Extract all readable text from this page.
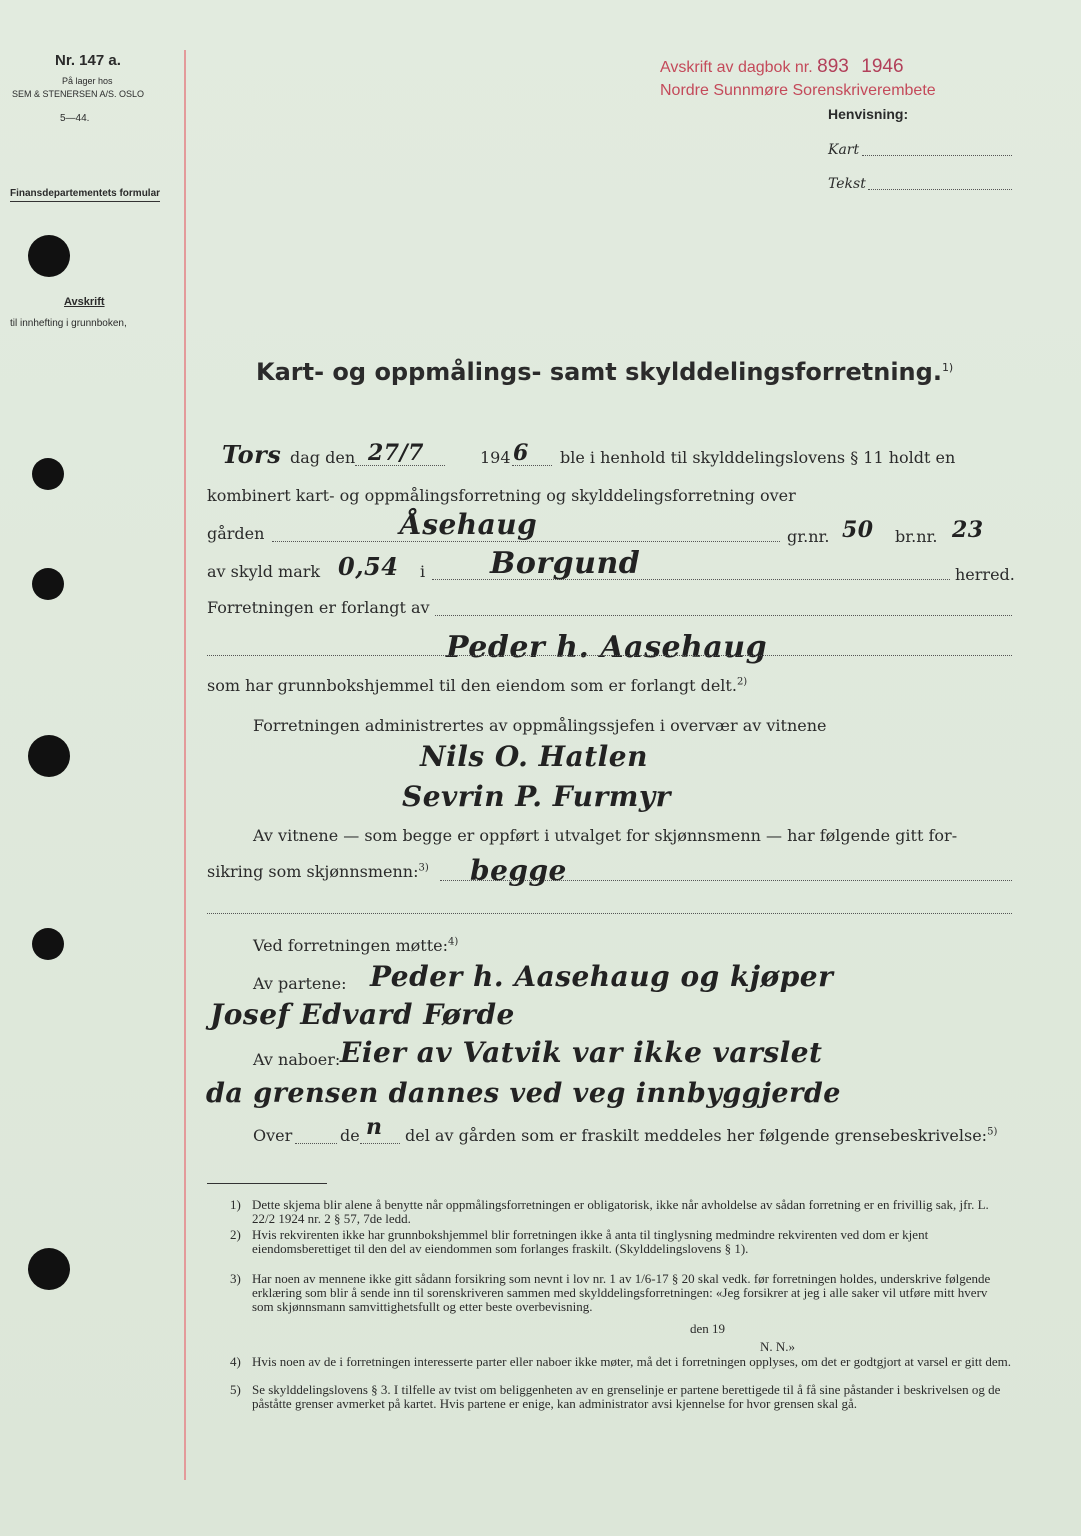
Nr. 147 a.
På lager hos
SEM & STENERSEN A/S. OSLO
5—44.
Finansdepartementets formular
Avskrift
til innhefting i grunnboken,
Avskrift av dagbok nr. 893 1946
Nordre Sunnmøre Sorenskriverembete
Henvisning:
Kart
Tekst
Kart- og oppmålings- samt skylddelingsforretning.$^{1)}$
Tors dag den 27/7	194 6 ble i henhold til skylddelingslovens § 11 holdt en
kombinert kart- og oppmålingsforretning og skylddelingsforretning over
gården	Åsehaug	gr.nr. 50 br.nr. 23
av skyld mark 0,54 i Borgund	herred.
Forretningen er forlangt av
Peder h. Aasehaug
som har grunnbokshjemmel til den eiendom som er forlangt delt.$^{2)}$
Forretningen administrertes av oppmålingssjefen i overvær av vitnene
Nils O. Hatlen
Sevrin P. Furmyr
Av vitnene — som begge er oppført i utvalget for skjønnsmenn — har følgende gitt for-
sikring som skjønnsmenn:$^{3)}$ begge
Ved forretningen møtte:$^{4)}$
Av partene: Peder h. Aasehaug og kjøper
Josef Edvard Førde
Av naboer: Eier av Vatvik var ikke varslet
da grensen dannes ved veg innbyggjerde
Over	de n del av gården som er fraskilt meddeles her følgende grensebeskrivelse:$^{5)}$
1) Dette skjema blir alene å benytte når oppmålingsforretningen er obligatorisk, ikke når avholdelse av sådan forretning er en frivillig sak, jfr. L. 22/2 1924 nr. 2 § 57, 7de ledd.
2) Hvis rekvirenten ikke har grunnbokshjemmel blir forretningen ikke å anta til tinglysning medmindre rekvirenten ved dom er kjent eiendomsberettiget til den del av eiendommen som forlanges fraskilt. (Skylddelingslovens § 1).
3) Har noen av mennene ikke gitt sådann forsikring som nevnt i lov nr. 1 av 1/6-17 § 20 skal vedk. før forretningen holdes, underskrive følgende erklæring som blir å sende inn til sorenskriveren sammen med skylddelingsforretningen: «Jeg forsikrer at jeg i alle saker vil utføre mitt hverv som skjønnsmann samvittighetsfullt og etter beste overbevisning.
den 19
N. N.»
4) Hvis noen av de i forretningen interesserte parter eller naboer ikke møter, må det i forretningen opplyses, om det er godtgjort at varsel er gitt dem.
5) Se skylddelingslovens § 3. I tilfelle av tvist om beliggenheten av en grenselinje er partene berettigede til å få sine påstander i beskrivelsen og de påståtte grenser avmerket på kartet. Hvis partene er enige, kan administrator avsi kjennelse for hvor grensen skal gå.
